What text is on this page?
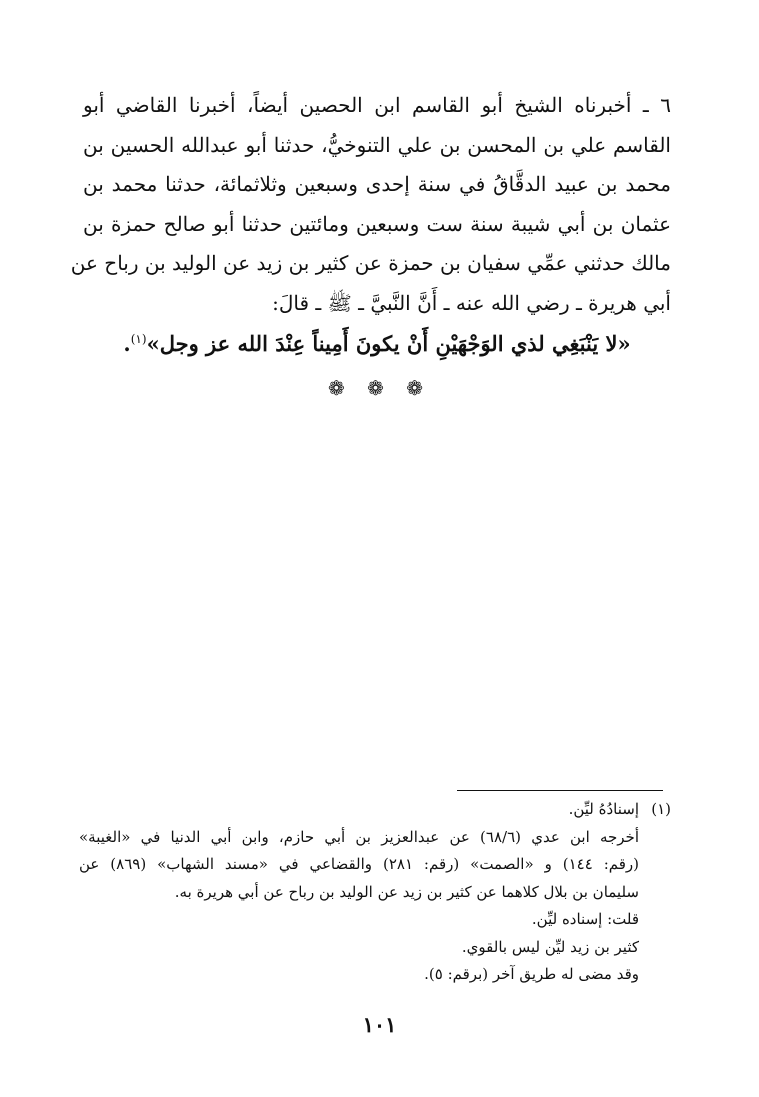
٦ ـ أخبرناه الشيخ أبو القاسم ابن الحصين أيضاً، أخبرنا القاضي أبو
القاسم علي بن المحسن بن علي التنوخيُّ، حدثنا أبو عبدالله الحسين بن
محمد بن عبيد الدقَّاقُ في سنة إحدى وسبعين وثلاثمائة، حدثنا محمد بن
عثمان بن أبي شيبة سنة ست وسبعين ومائتين حدثنا أبو صالح حمزة بن
مالك حدثني عمِّي سفيان بن حمزة عن كثير بن زيد عن الوليد بن رباح عن
أبي هريرة ـ رضي الله عنه ـ أَنَّ النَّبيَّ ـ ﷺ ـ قالَ:
«لا يَنْبَغِي لذي الوَجْهَيْنِ أَنْ يكونَ أَمِيناً عِنْدَ الله عز وجل»$^{(١)}$.
❁ ❁ ❁
(١)إسنادُهُ ليِّن.
أخرجه ابن عدي (٦٨/٦) عن عبدالعزيز بن أبي حازم، وابن أبي الدنيا في «الغيبة»
(رقم: ١٤٤) و «الصمت» (رقم: ٢٨١) والقضاعي في «مسند الشهاب» (٨٦٩) عن
سليمان بن بلال كلاهما عن كثير بن زيد عن الوليد بن رباح عن أبي هريرة به.
قلت: إسناده ليِّن.
كثير بن زيد ليِّن ليس بالقوي.
وقد مضى له طريق آخر (برقم: ٥).
١٠١
